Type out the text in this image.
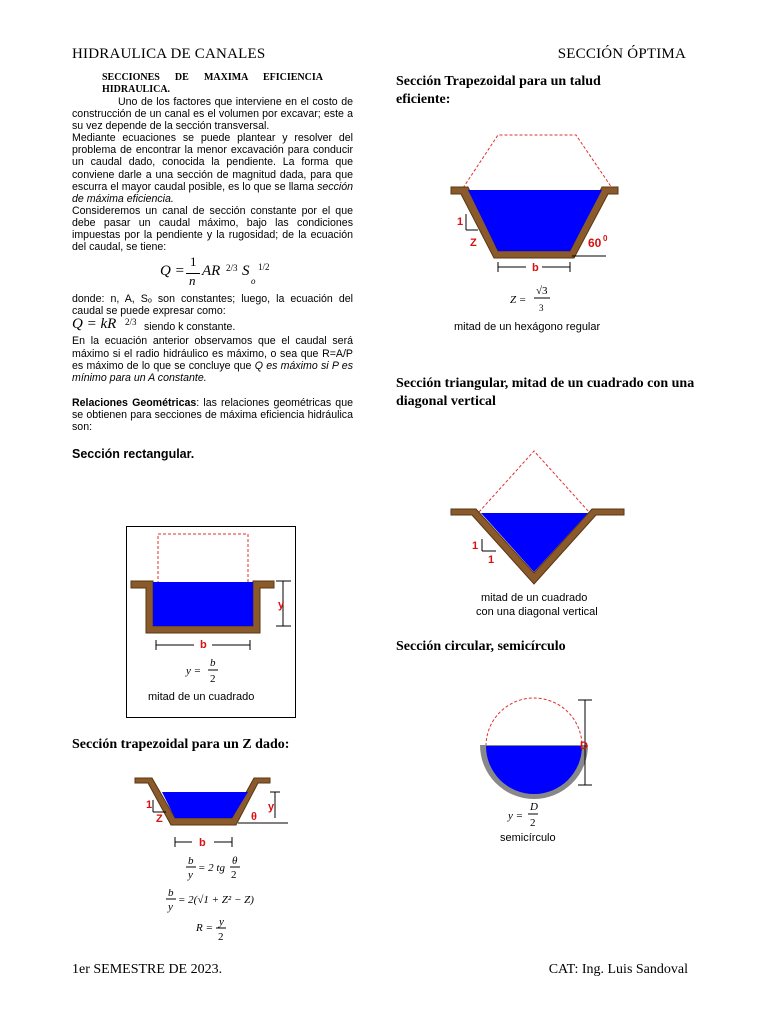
HIDRAULICA DE CANALES	SECCIÓN ÓPTIMA

SECCIONES DE MAXIMA EFICIENCIA HIDRAULICA.

Uno de los factores que interviene en el costo de construcción de un canal es el volumen por excavar; este a su vez depende de la sección transversal.

Mediante ecuaciones se puede plantear y resolver del problema de encontrar la menor excavación para conducir un caudal dado, conocida la pendiente. La forma que conviene darle a una sección de magnitud dada, para que escurra el mayor caudal posible, es lo que se llama sección de máxima eficiencia.

Consideremos un canal de sección constante por el que debe pasar un caudal máximo, bajo las condiciones impuestas por la pendiente y la rugosidad; de la ecuación del caudal, se tiene:

Q =
1
n
AR 2/3 S
o
1/2

donde: n, A, Sₒ son constantes; luego, la ecuación del caudal se puede expresar como:

Q = kR 2/3 siendo k constante.

En la ecuación anterior observamos que el caudal será máximo si el radio hidráulico es máximo, o sea que R=A/P es máximo de lo que se concluye que Q es máximo si P es mínimo para un A constante.

Relaciones Geométricas: las relaciones geométricas que se obtienen para secciones de máxima eficiencia hidráulica son:

Sección rectangular.

y
b
y =
b
2
mitad de un cuadrado
Sección trapezoidal para un Z dado:
1
Z
y
θ
b
b
y
= 2 tg
θ
2
b
y
= 2(√1 + Z² − Z)
R = y
2
Sección Trapezoidal para un talud eficiente:
1
Z	60 0
b
Z =
√3
3
mitad de un hexágono regular
Sección triangular, mitad de un cuadrado con una diagonal vertical
1
1
mitad de un cuadrado
con una diagonal vertical
Sección circular, semicírculo
D
y =
D
2
semicírculo
1er SEMESTRE DE 2023.	CAT: Ing. Luis Sandoval
